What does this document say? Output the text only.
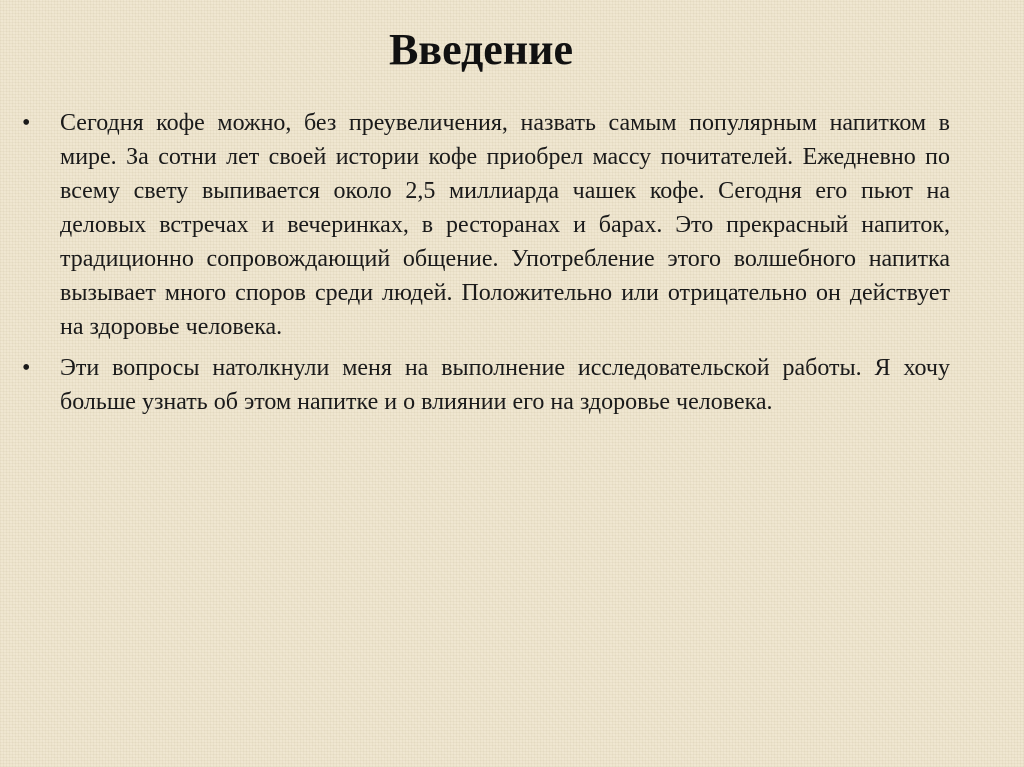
Введение
•	Сегодня кофе можно, без преувеличения, назвать самым популярным напитком в мире. За сотни лет своей истории кофе приобрел массу почитателей. Ежедневно по всему свету выпивается около 2,5 миллиарда чашек кофе. Сегодня его пьют на деловых встречах и вечеринках, в ресторанах и барах. Это прекрасный напиток, традиционно сопровождающий общение. Употребление этого волшебного напитка вызывает много споров среди людей. Положительно или отрицательно он действует на здоровье человека.
•	Эти вопросы натолкнули меня на выполнение исследовательской работы. Я хочу больше узнать об этом напитке и о влиянии его на здоровье человека.
